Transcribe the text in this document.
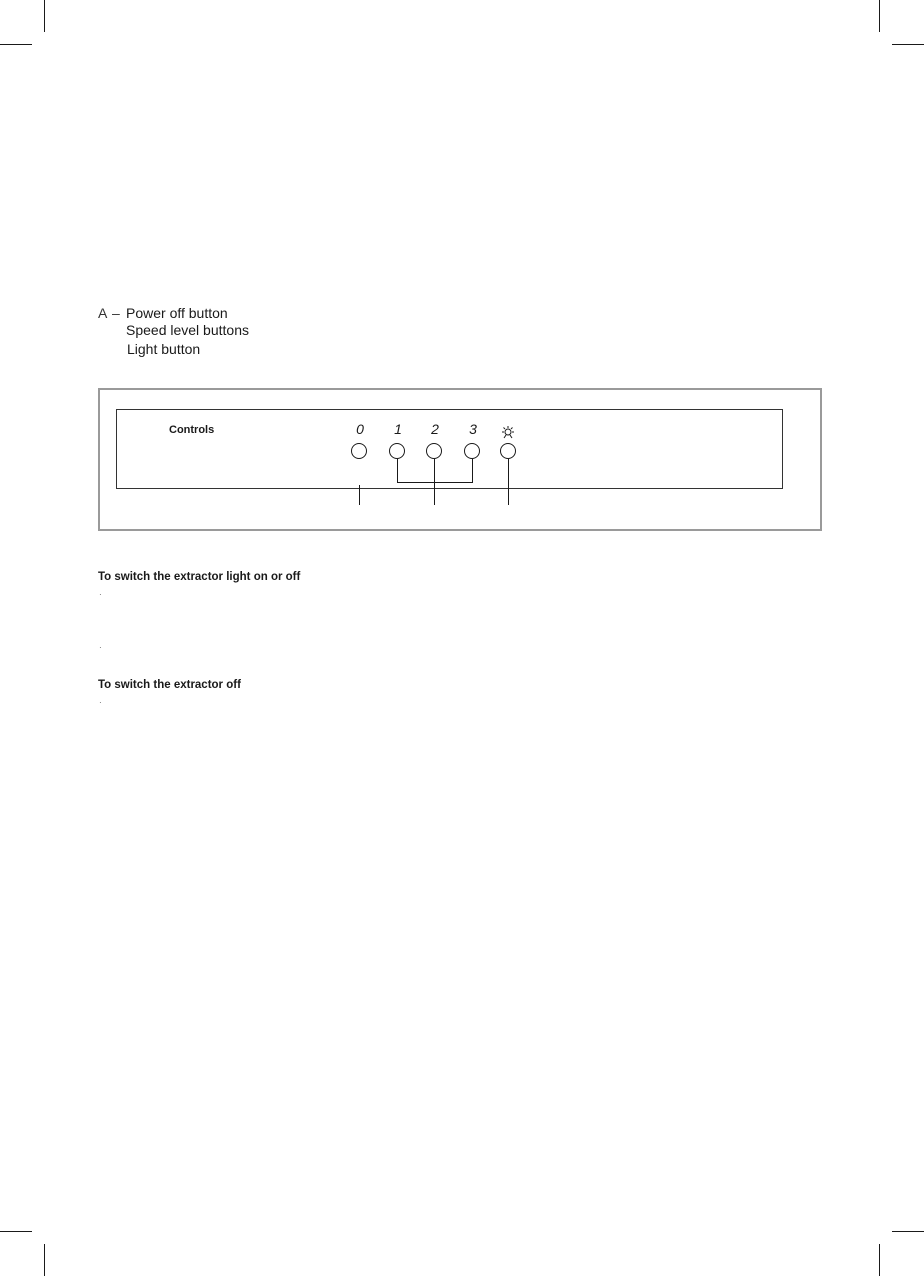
A – Power off button
Speed level buttons
Light button
Controls	0	1	2	3
To switch the extractor light on or off
·
·
To switch the extractor off
·
